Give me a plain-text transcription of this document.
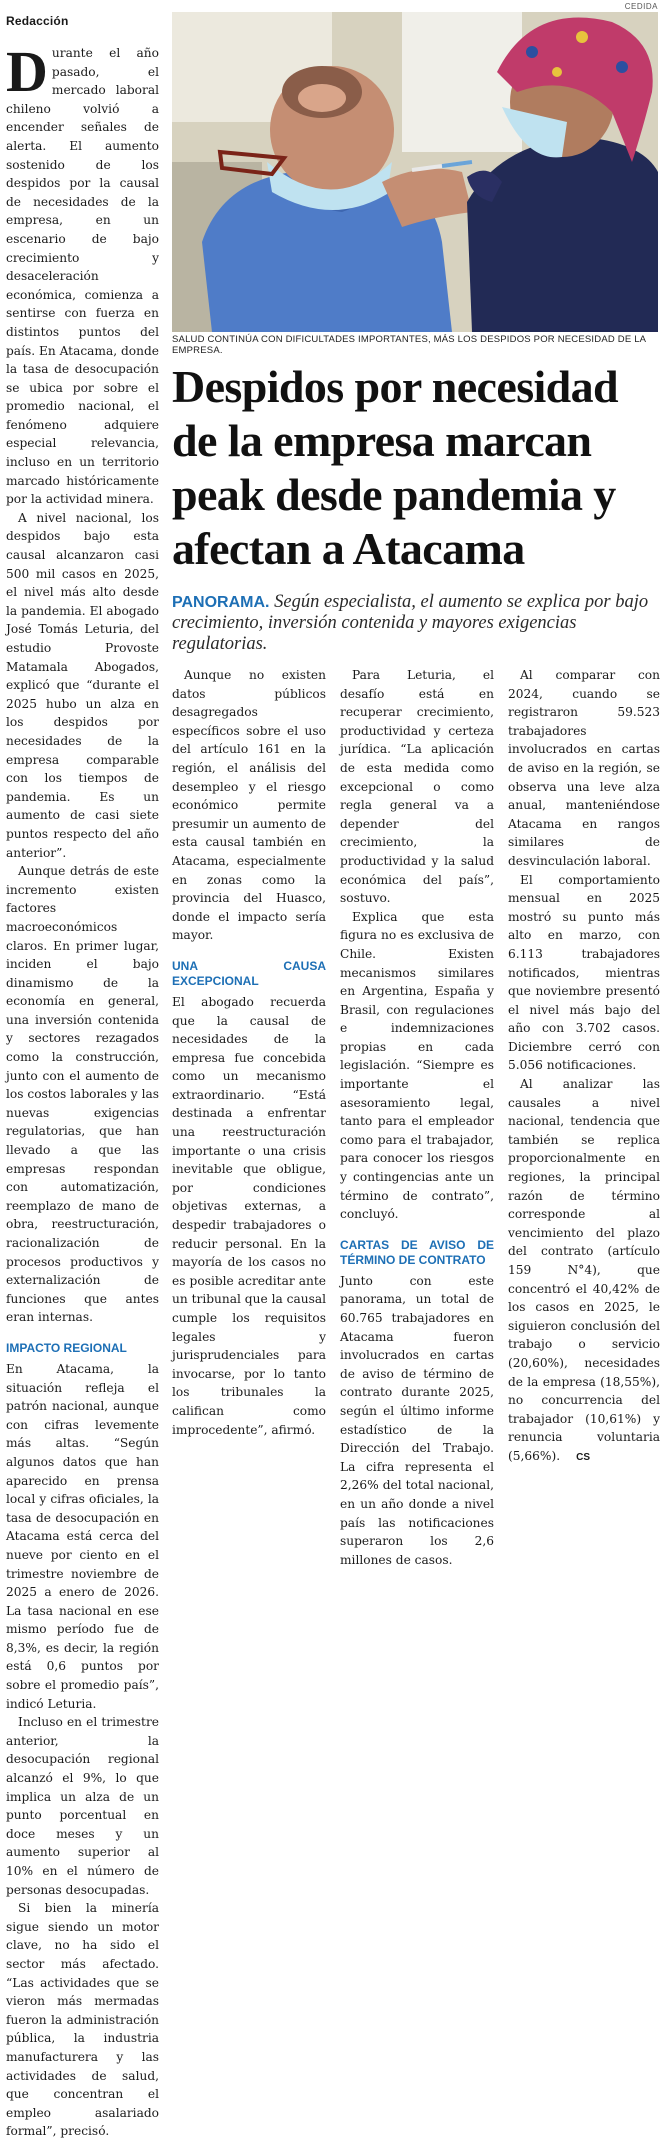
Redacción
CEDIDA

Durante el año pasado, el mercado laboral chileno volvió a encender señales de alerta. El aumento sostenido de los despidos por la causal de necesidades de la empresa, en un escenario de bajo crecimiento y desaceleración económica, comienza a sentirse con fuerza en distintos puntos del país. En Atacama, donde la tasa de desocupación se ubica por sobre el promedio nacional, el fenómeno adquiere especial relevancia, incluso en un territorio marcado históricamente por la actividad minera.

A nivel nacional, los despidos bajo esta causal alcanzaron casi 500 mil casos en 2025, el nivel más alto desde la pandemia. El abogado José Tomás Leturia, del estudio Provoste Matamala Abogados, explicó que “durante el 2025 hubo un alza en los despidos por necesidades de la empresa comparable con los tiempos de pandemia. Es un aumento de casi siete puntos respecto del año anterior”.

Aunque detrás de este incremento existen factores macroeconómicos claros. En primer lugar, inciden el bajo dinamismo de la economía en general, una inversión contenida y sectores rezagados como la construcción, junto con el aumento de los costos laborales y las nuevas exigencias regulatorias, que han llevado a que las empresas respondan con automatización, reemplazo de mano de obra, reestructuración, racionalización de procesos productivos y externalización de funciones que antes eran internas.

IMPACTO REGIONAL

En Atacama, la situación refleja el patrón nacional, aunque con cifras levemente más altas. “Según algunos datos que han aparecido en prensa local y cifras oficiales, la tasa de desocupación en Atacama está cerca del nueve por ciento en el trimestre noviembre de 2025 a enero de 2026. La tasa nacional en ese mismo período fue de 8,3%, es decir, la región está 0,6 puntos por sobre el promedio país”, indicó Leturia.

Incluso en el trimestre anterior, la desocupación regional alcanzó el 9%, lo que implica un alza de un punto porcentual en doce meses y un aumento superior al 10% en el número de personas desocupadas.

Si bien la minería sigue siendo un motor clave, no ha sido el sector más afectado. “Las actividades que se vieron más mermadas fueron la administración pública, la industria manufacturera y las actividades de salud, que concentran el empleo asalariado formal”, precisó.

SALUD CONTINÚA CON DIFICULTADES IMPORTANTES, MÁS LOS DESPIDOS POR NECESIDAD DE LA EMPRESA.
Despidos por necesidad de la empresa marcan peak desde pandemia y afectan a Atacama

PANORAMA. Según especialista, el aumento se explica por bajo crecimiento, inversión contenida y mayores exigencias regulatorias.

Aunque no existen datos públicos desagregados específicos sobre el uso del artículo 161 en la región, el análisis del desempleo y el riesgo económico permite presumir un aumento de esta causal también en Atacama, especialmente en zonas como la provincia del Huasco, donde el impacto sería mayor.

UNA CAUSA EXCEPCIONAL

El abogado recuerda que la causal de necesidades de la empresa fue concebida como un mecanismo extraordinario. “Está destinada a enfrentar una reestructuración importante o una crisis inevitable que obligue, por condiciones objetivas externas, a despedir trabajadores o reducir personal. En la mayoría de los casos no es posible acreditar ante un tribunal que la causal cumple los requisitos legales y jurisprudenciales para invocarse, por lo tanto los tribunales la califican como improcedente”, afirmó.

Para Leturia, el desafío está en recuperar crecimiento, productividad y certeza jurídica. “La aplicación de esta medida como excepcional o como regla general va a depender del crecimiento, la productividad y la salud económica del país”, sostuvo.

Explica que esta figura no es exclusiva de Chile. Existen mecanismos similares en Argentina, España y Brasil, con regulaciones e indemnizaciones propias en cada legislación. “Siempre es importante el asesoramiento legal, tanto para el empleador como para el trabajador, para conocer los riesgos y contingencias ante un término de contrato”, concluyó.

CARTAS DE AVISO DE TÉRMINO DE CONTRATO

Junto con este panorama, un total de 60.765 trabajadores en Atacama fueron involucrados en cartas de aviso de término de contrato durante 2025, según el último informe estadístico de la Dirección del Trabajo. La cifra representa el 2,26% del total nacional, en un año donde a nivel país las notificaciones superaron los 2,6 millones de casos.

Al comparar con 2024, cuando se registraron 59.523 trabajadores involucrados en cartas de aviso en la región, se observa una leve alza anual, manteniéndose Atacama en rangos similares de desvinculación laboral.

El comportamiento mensual en 2025 mostró su punto más alto en marzo, con 6.113 trabajadores notificados, mientras que noviembre presentó el nivel más bajo del año con 3.702 casos. Diciembre cerró con 5.056 notificaciones.

Al analizar las causales a nivel nacional, tendencia que también se replica proporcionalmente en regiones, la principal razón de término corresponde al vencimiento del plazo del contrato (artículo 159 N°4), que concentró el 40,42% de los casos en 2025, le siguieron conclusión del trabajo o servicio (20,60%), necesidades de la empresa (18,55%), no concurrencia del trabajador (10,61%) y renuncia voluntaria (5,66%). CS
